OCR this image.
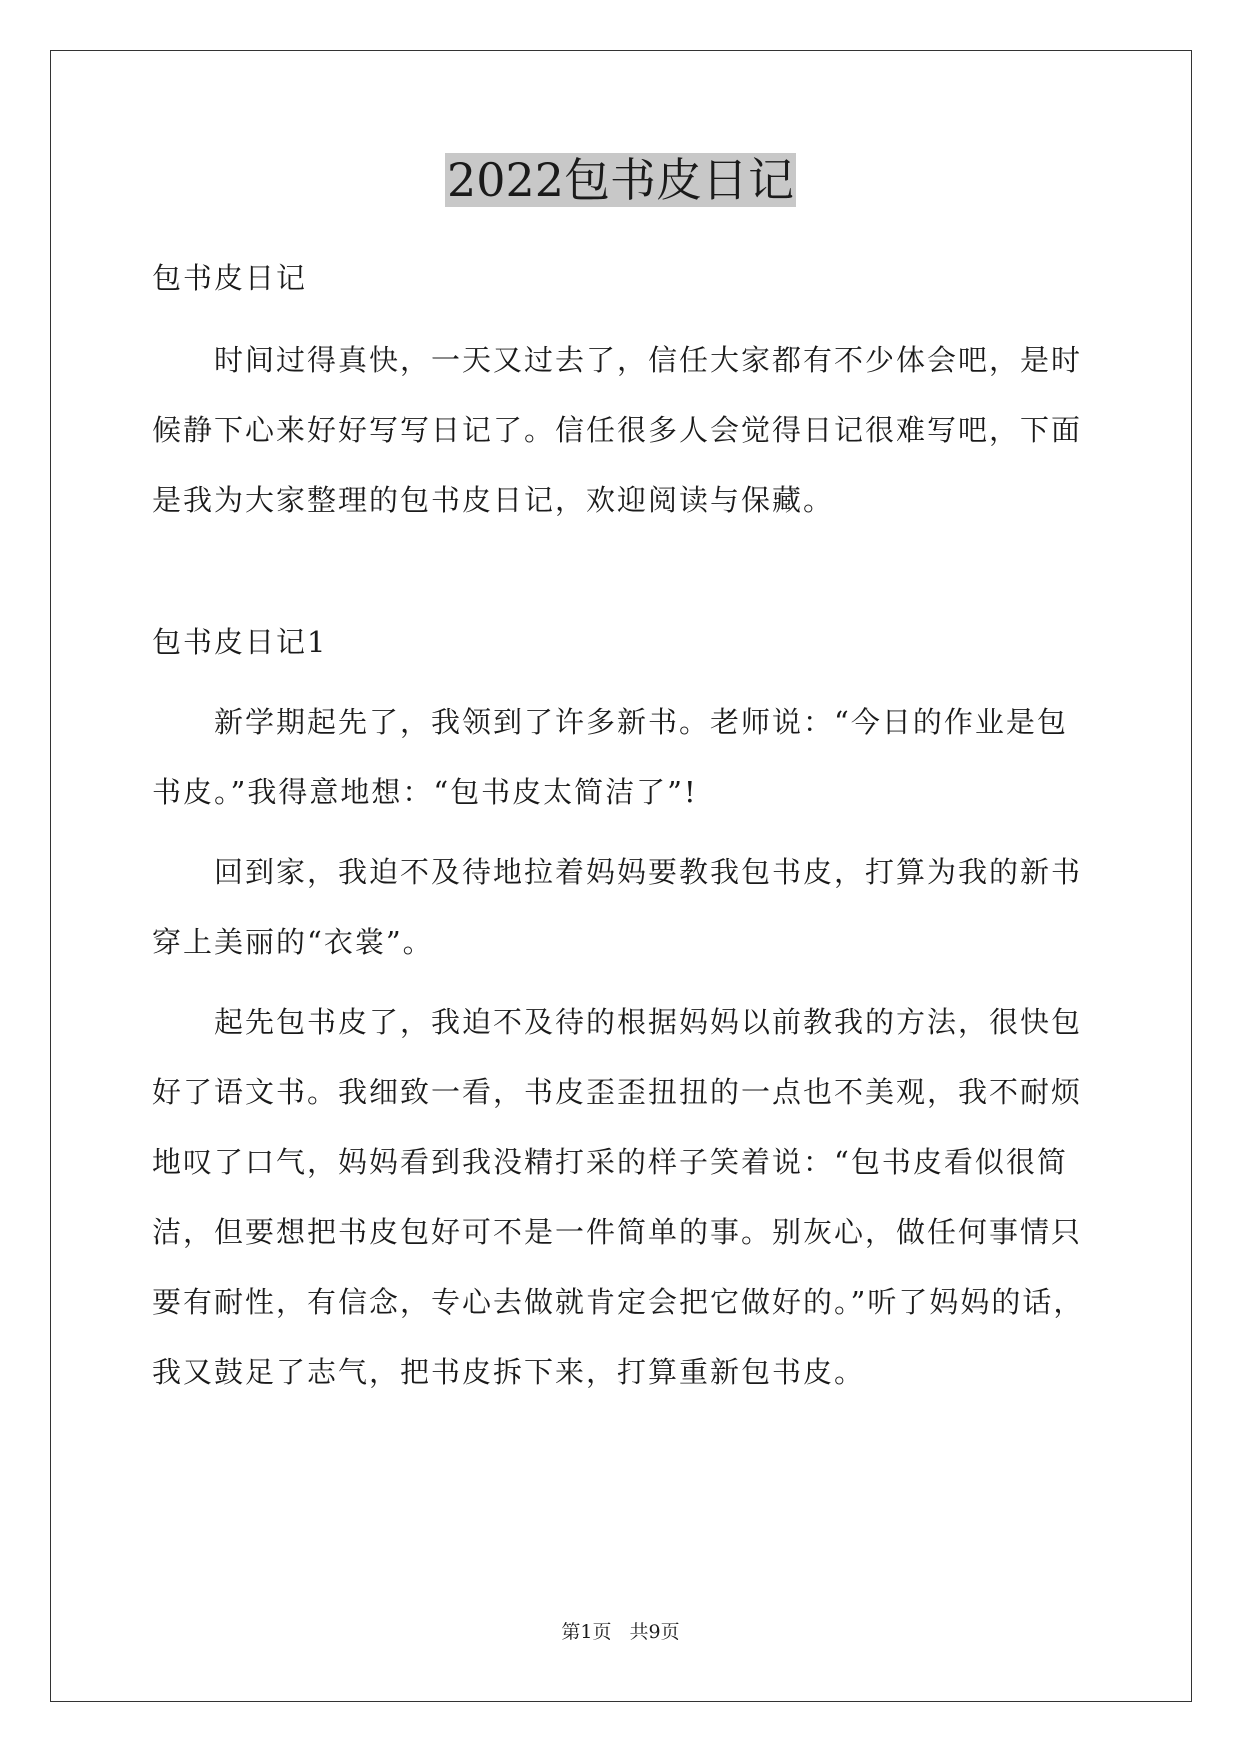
2022包书皮日记
包书皮日记
　　时间过得真快，一天又过去了，信任大家都有不少体会吧，是时
候静下心来好好写写日记了。信任很多人会觉得日记很难写吧，下面
是我为大家整理的包书皮日记，欢迎阅读与保藏。
包书皮日记1
　　新学期起先了，我领到了许多新书。老师说：“今日的作业是包
书皮。”我得意地想：“包书皮太简洁了”!
　　回到家，我迫不及待地拉着妈妈要教我包书皮，打算为我的新书
穿上美丽的“衣裳”。
　　起先包书皮了，我迫不及待的根据妈妈以前教我的方法，很快包
好了语文书。我细致一看，书皮歪歪扭扭的一点也不美观，我不耐烦
地叹了口气，妈妈看到我没精打采的样子笑着说：“包书皮看似很简
洁，但要想把书皮包好可不是一件简单的事。别灰心，做任何事情只
要有耐性，有信念，专心去做就肯定会把它做好的。”听了妈妈的话，
我又鼓足了志气，把书皮拆下来，打算重新包书皮。
第1页 共9页
